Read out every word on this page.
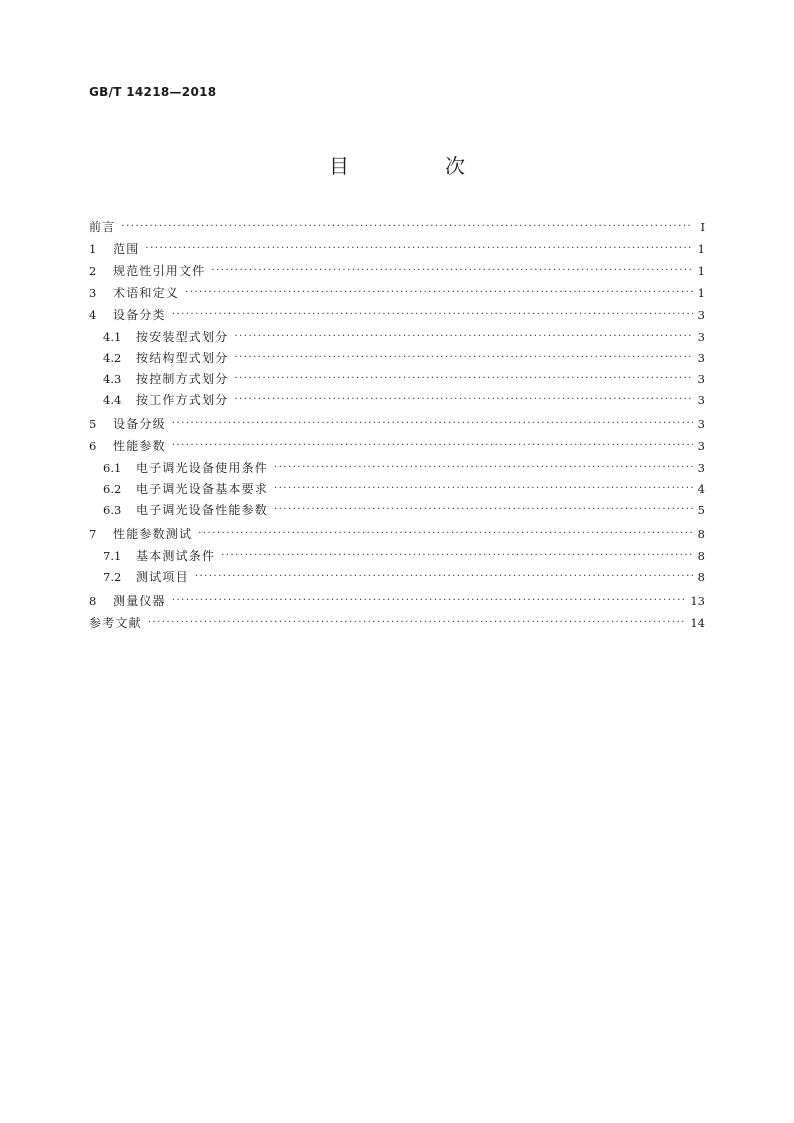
GB/T 14218—2018
目　次
前言 ·····	Ⅰ
1	范围 ·····	1
2	规范性引用文件 ·····	1
3	术语和定义 ·····	1
4	设备分类 ·····	3
4.1	按安装型式划分 ·····	3
4.2	按结构型式划分 ·····	3
4.3	按控制方式划分 ·····	3
4.4	按工作方式划分 ·····	3
5	设备分级 ·····	3
6	性能参数 ·····	3
6.1	电子调光设备使用条件 ·····	3
6.2	电子调光设备基本要求 ·····	4
6.3	电子调光设备性能参数 ·····	5
7	性能参数测试 ·····	8
7.1	基本测试条件 ·····	8
7.2	测试项目 ·····	8
8	测量仪器 ·····	13
参考文献 ·····	14
